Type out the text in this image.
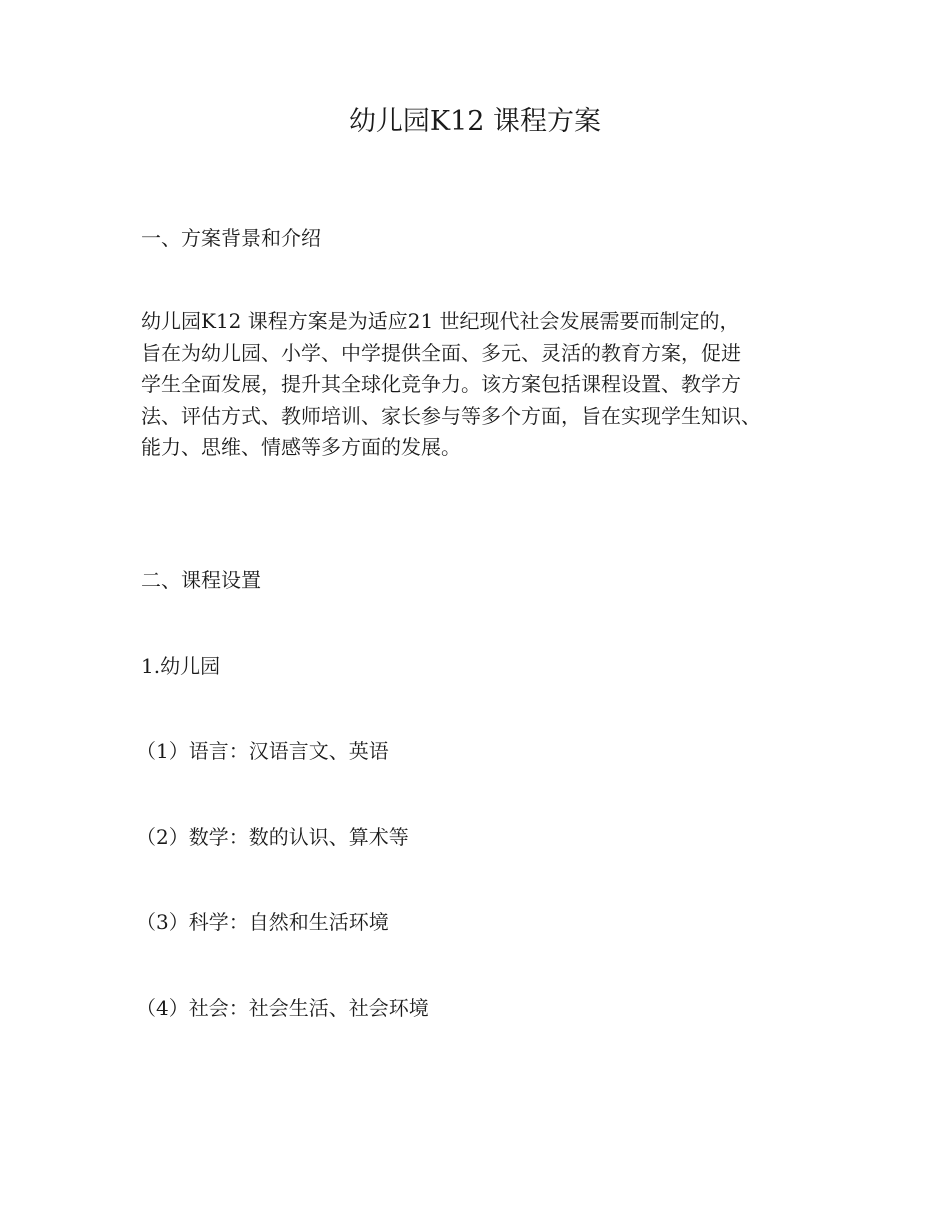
幼儿园K12 课程方案

一、方案背景和介绍

幼儿园K12 课程方案是为适应21 世纪现代社会发展需要而制定的，
旨在为幼儿园、小学、中学提供全面、多元、灵活的教育方案，促进
学生全面发展，提升其全球化竞争力。该方案包括课程设置、教学方
法、评估方式、教师培训、家长参与等多个方面，旨在实现学生知识、
能力、思维、情感等多方面的发展。

二、课程设置

1.幼儿园

（1）语言：汉语言文、英语

（2）数学：数的认识、算术等

（3）科学：自然和生活环境

（4）社会：社会生活、社会环境
